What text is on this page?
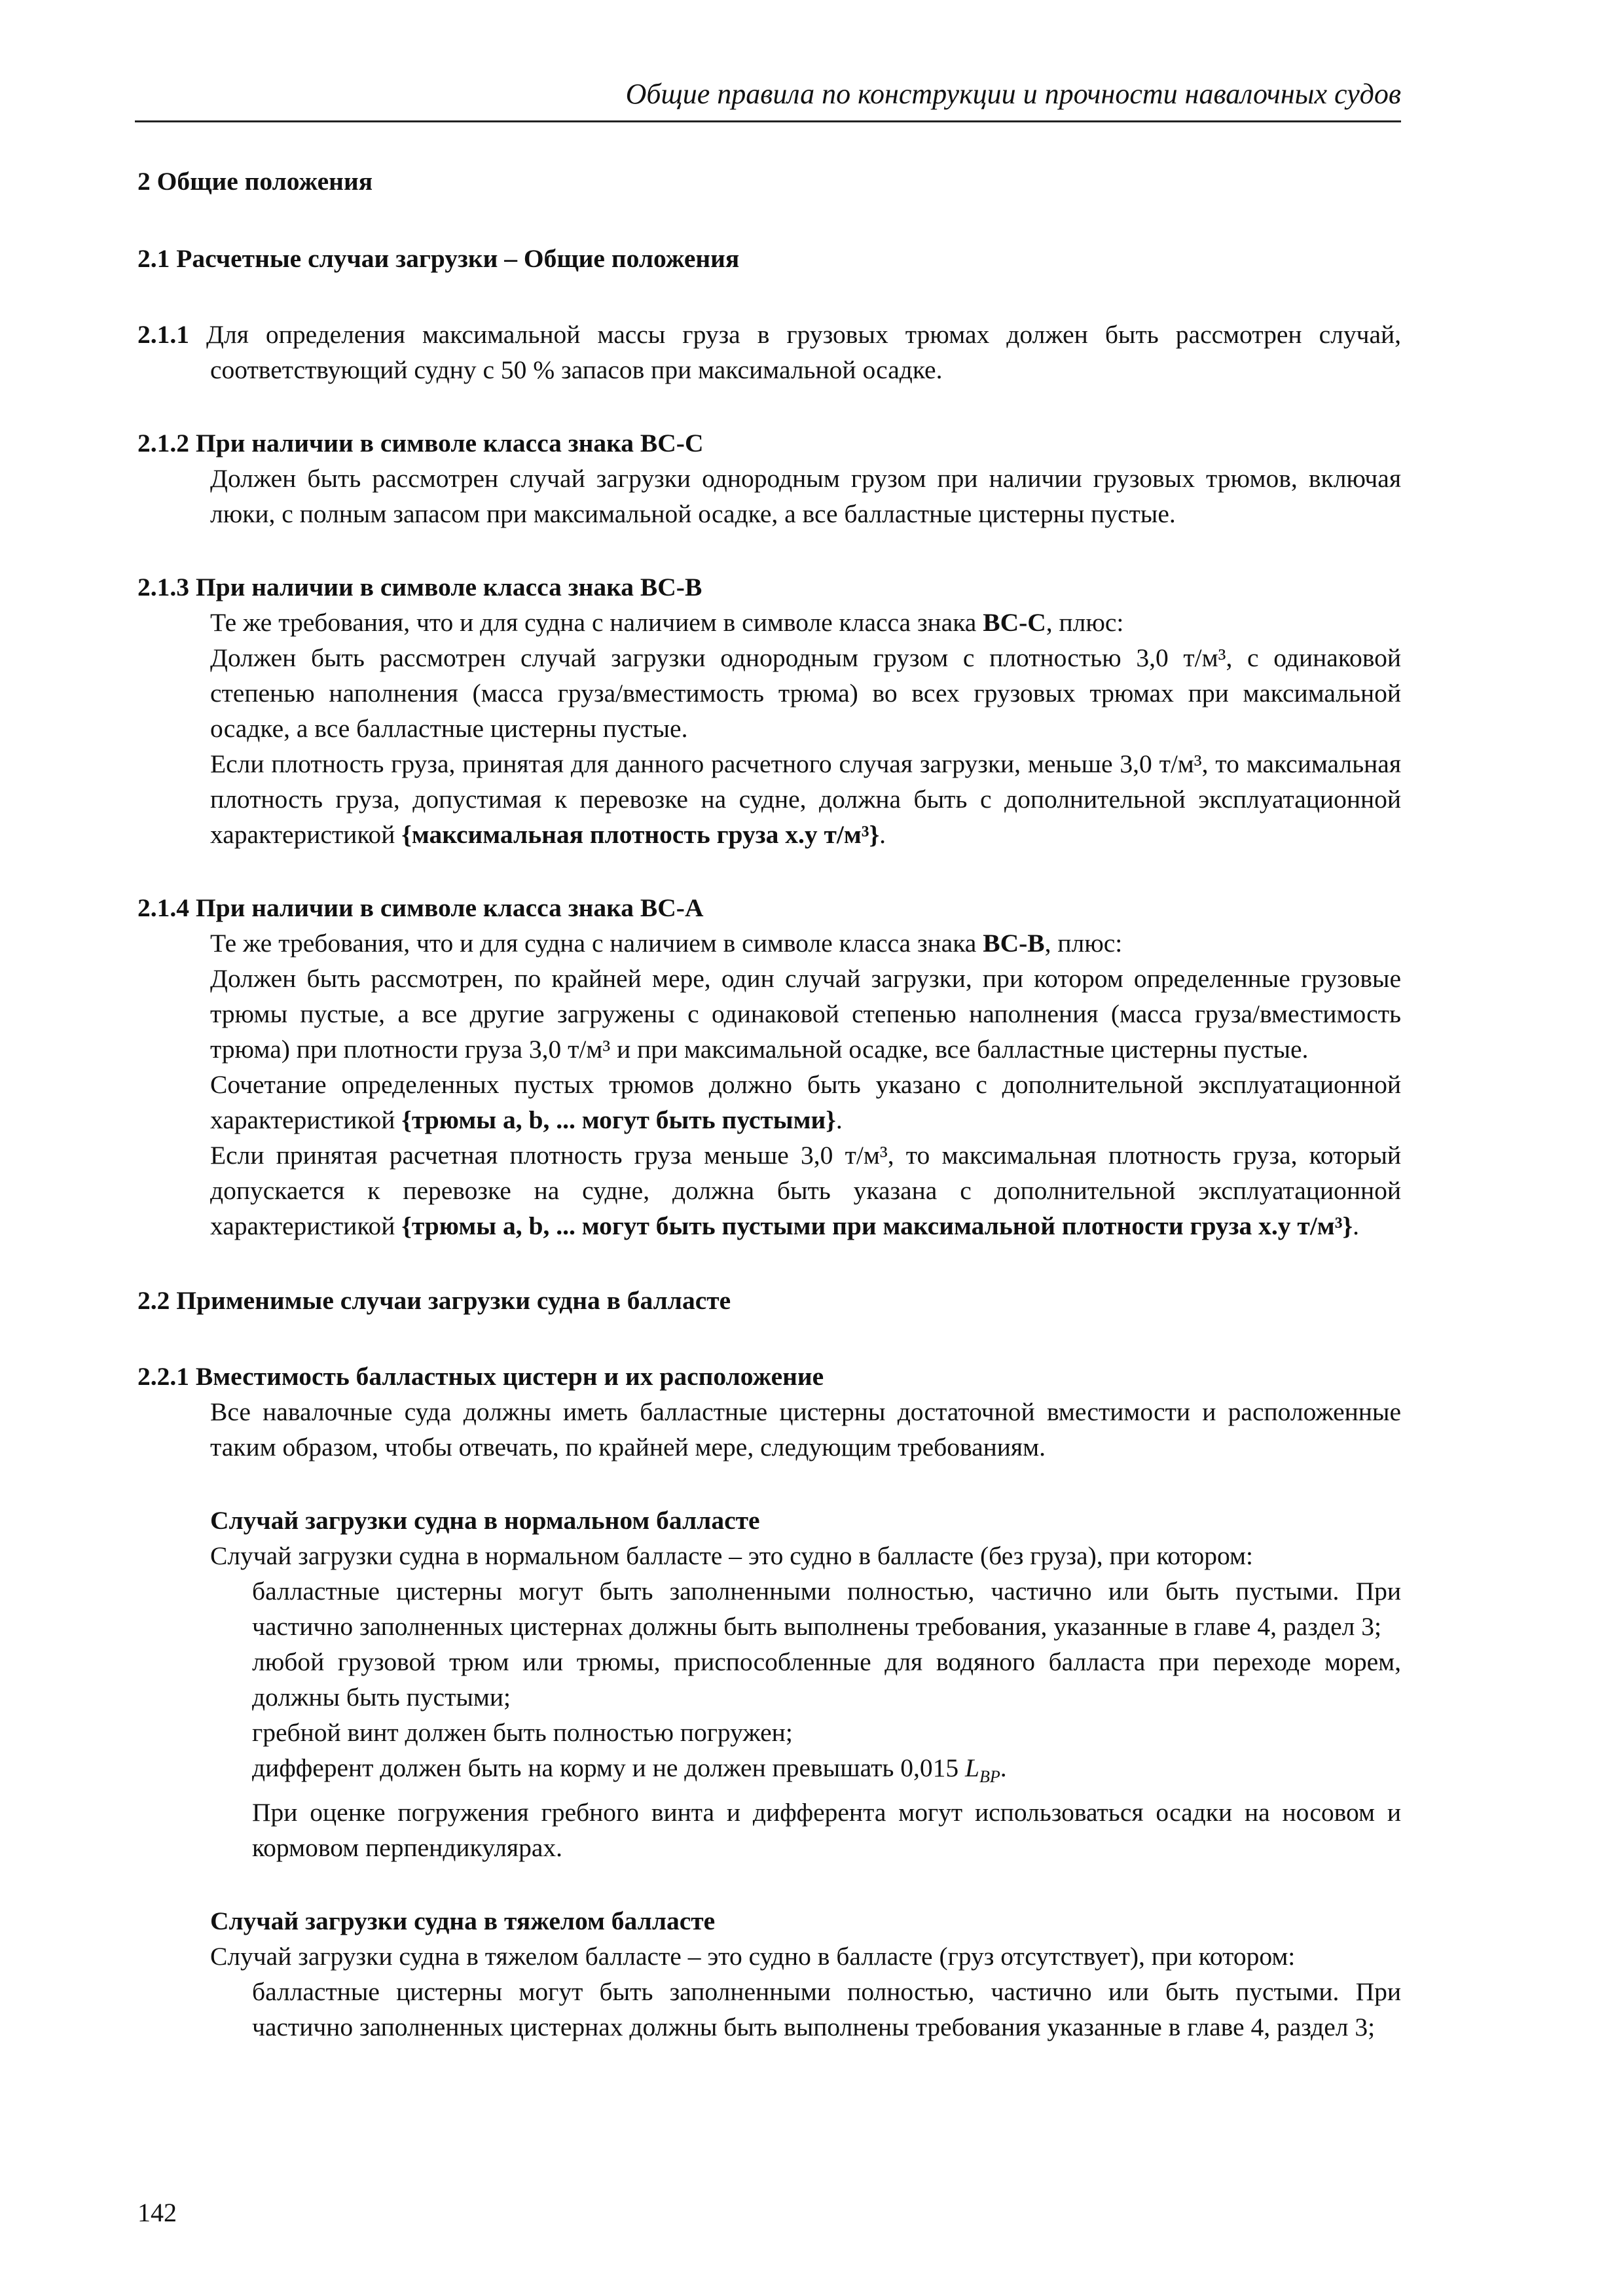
Общие правила по конструкции и прочности навалочных судов

2 Общие положения

2.1 Расчетные случаи загрузки – Общие положения

2.1.1 Для определения максимальной массы груза в грузовых трюмах должен быть рассмотрен случай, соответствующий судну с 50 % запасов при максимальной осадке.

2.1.2 При наличии в символе класса знака BC-C

Должен быть рассмотрен случай загрузки однородным грузом при наличии грузовых трюмов, включая люки, с полным запасом при максимальной осадке, а все балластные цистерны пустые.

2.1.3 При наличии в символе класса знака BC-B

Те же требования, что и для судна с наличием в символе класса знака BC-C, плюс:

Должен быть рассмотрен случай загрузки однородным грузом с плотностью 3,0 т/м³, с одинаковой степенью наполнения (масса груза/вместимость трюма) во всех грузовых трюмах при максимальной осадке, а все балластные цистерны пустые.

Если плотность груза, принятая для данного расчетного случая загрузки, меньше 3,0 т/м³, то максимальная плотность груза, допустимая к перевозке на судне, должна быть с дополнительной эксплуатационной характеристикой {максимальная плотность груза x.y т/м³}.

2.1.4 При наличии в символе класса знака BC-A

Те же требования, что и для судна с наличием в символе класса знака BC-B, плюс:

Должен быть рассмотрен, по крайней мере, один случай загрузки, при котором определенные грузовые трюмы пустые, а все другие загружены с одинаковой степенью наполнения (масса груза/вместимость трюма) при плотности груза 3,0 т/м³ и при максимальной осадке, все балластные цистерны пустые.

Сочетание определенных пустых трюмов должно быть указано с дополнительной эксплуатационной характеристикой {трюмы a, b, ... могут быть пустыми}.

Если принятая расчетная плотность груза меньше 3,0 т/м³, то максимальная плотность груза, который допускается к перевозке на судне, должна быть указана с дополнительной эксплуатационной характеристикой {трюмы a, b, ... могут быть пустыми при максимальной плотности груза x.y т/м³}.

2.2 Применимые случаи загрузки судна в балласте

2.2.1 Вместимость балластных цистерн и их расположение

Все навалочные суда должны иметь балластные цистерны достаточной вместимости и расположенные таким образом, чтобы отвечать, по крайней мере, следующим требованиям.

Случай загрузки судна в нормальном балласте

Случай загрузки судна в нормальном балласте – это судно в балласте (без груза), при котором:

балластные цистерны могут быть заполненными полностью, частично или быть пустыми. При частично заполненных цистернах должны быть выполнены требования, указанные в главе 4, раздел 3;

любой грузовой трюм или трюмы, приспособленные для водяного балласта при переходе морем, должны быть пустыми;

гребной винт должен быть полностью погружен;

дифферент должен быть на корму и не должен превышать 0,015 $L_{BP}$.

При оценке погружения гребного винта и дифферента могут использоваться осадки на носовом и кормовом перпендикулярах.

Случай загрузки судна в тяжелом балласте

Случай загрузки судна в тяжелом балласте – это судно в балласте (груз отсутствует), при котором:

балластные цистерны могут быть заполненными полностью, частично или быть пустыми. При частично заполненных цистернах должны быть выполнены требования указанные в главе 4, раздел 3;

142
